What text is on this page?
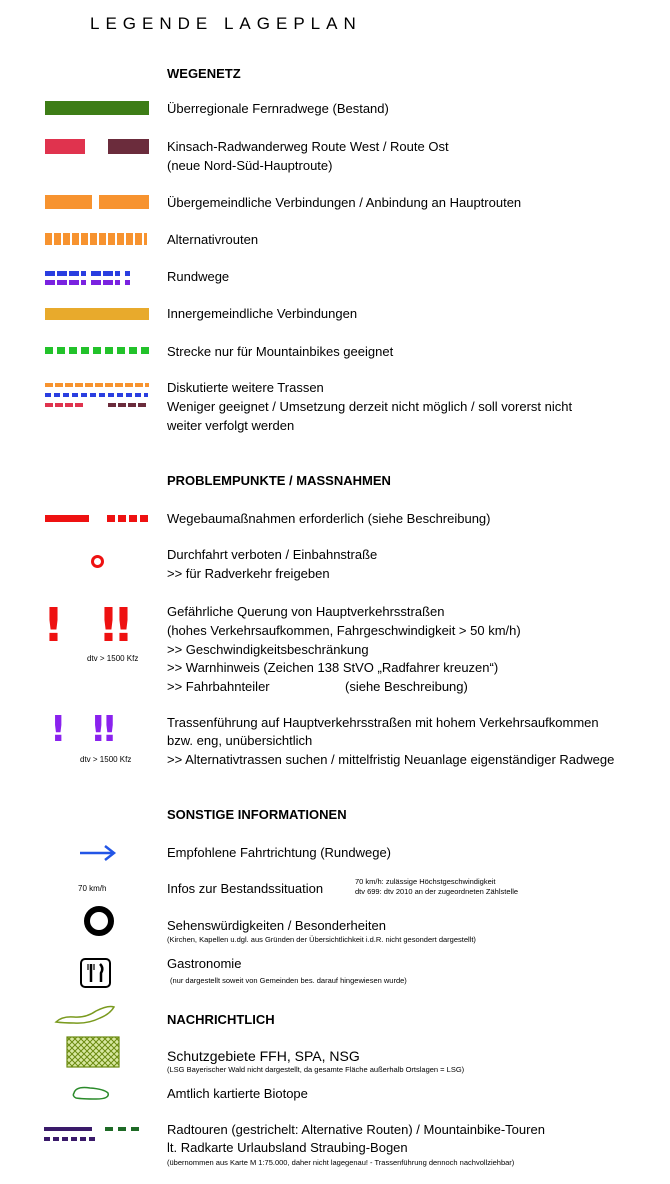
LEGENDE LAGEPLAN
WEGENETZ
Überregionale Fernradwege (Bestand)
Kinsach-Radwanderweg Route West / Route Ost
(neue Nord-Süd-Hauptroute)
Übergemeindliche Verbindungen / Anbindung an Hauptrouten
Alternativrouten
Rundwege
Innergemeindliche Verbindungen
Strecke nur für Mountainbikes geeignet
Diskutierte weitere Trassen
Weniger geeignet / Umsetzung derzeit nicht möglich / soll vorerst nicht
weiter verfolgt werden
PROBLEMPUNKTE / MASSNAHMEN
Wegebaumaßnahmen erforderlich (siehe Beschreibung)
Durchfahrt verboten / Einbahnstraße
>> für Radverkehr freigeben
! !!
dtv > 1500 Kfz
Gefährliche Querung von Hauptverkehrsstraßen
(hohes Verkehrsaufkommen, Fahrgeschwindigkeit > 50 km/h)
>> Geschwindigkeitsbeschränkung
>> Warnhinweis (Zeichen 138 StVO „Radfahrer kreuzen“)
>> Fahrbahnteiler	(siehe Beschreibung)
! !!
dtv > 1500 Kfz
Trassenführung auf Hauptverkehrsstraßen mit hohem Verkehrsaufkommen
bzw. eng, unübersichtlich
>> Alternativtrassen suchen / mittelfristig Neuanlage eigenständiger Radwege
SONSTIGE INFORMATIONEN
Empfohlene Fahrtrichtung (Rundwege)
70 km/h	Infos zur Bestandssituation	70 km/h: zulässige Höchstgeschwindigkeit
dtv 699: dtv 2010 an der zugeordneten Zählstelle
Sehenswürdigkeiten / Besonderheiten
(Kirchen, Kapellen u.dgl. aus Gründen der Übersichtlichkeit i.d.R. nicht gesondert dargestellt)
Gastronomie
(nur dargestellt soweit von Gemeinden bes. darauf hingewiesen wurde)
NACHRICHTLICH
Schutzgebiete FFH, SPA, NSG
(LSG Bayerischer Wald nicht dargestellt, da gesamte Fläche außerhalb Ortslagen = LSG)
Amtlich kartierte Biotope
Radtouren (gestrichelt: Alternative Routen) / Mountainbike-Touren
lt. Radkarte Urlaubsland Straubing-Bogen
(übernommen aus Karte M 1:75.000, daher nicht lagegenau! - Trassenführung dennoch nachvollziehbar)
